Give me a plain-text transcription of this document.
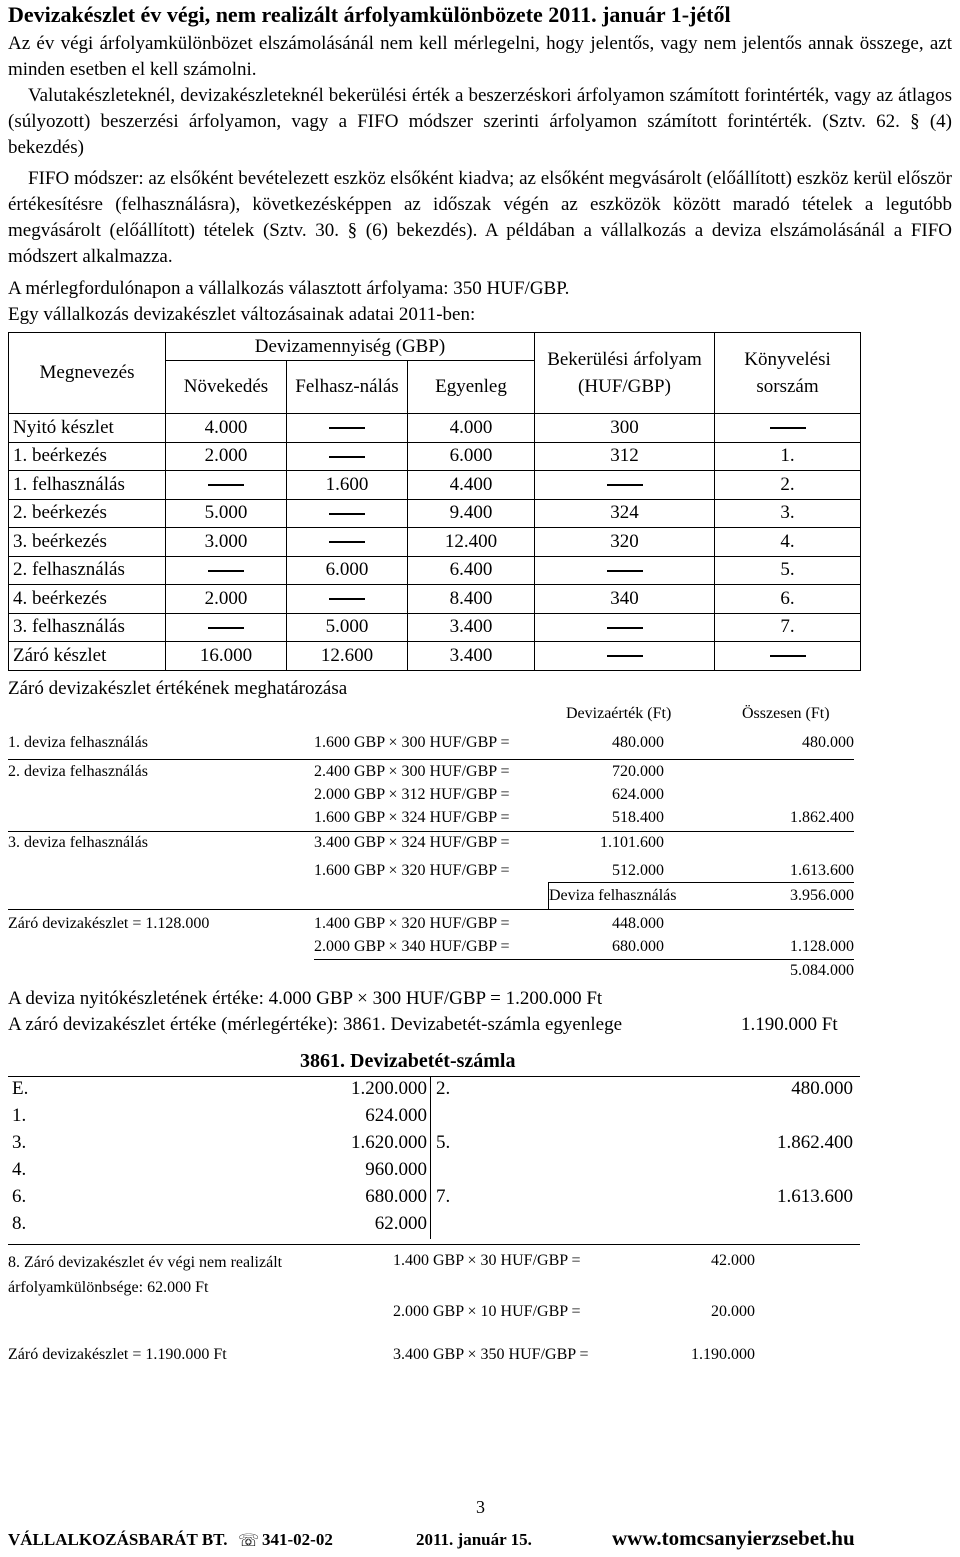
Devizakészlet év végi, nem realizált árfolyamkülönbözete 2011. január 1-jétől
Az év végi árfolyamkülönbözet elszámolásánál nem kell mérlegelni, hogy jelentős, vagy nem jelentős annak összege, azt minden esetben el kell számolni.
Valutakészleteknél, devizakészleteknél bekerülési érték a beszerzéskori árfolyamon számított forintérték, vagy az átlagos (súlyozott) beszerzési árfolyamon, vagy a FIFO módszer szerinti árfolyamon számított forintérték. (Sztv. 62. § (4) bekezdés)
FIFO módszer: az elsőként bevételezett eszköz elsőként kiadva; az elsőként megvásárolt (előállított) eszköz kerül először értékesítésre (felhasználásra), következésképpen az időszak végén az eszközök között maradó tételek a legutóbb megvásárolt (előállított) tételek (Sztv. 30. § (6) bekezdés). A példában a vállalkozás a deviza elszámolásánál a FIFO módszert alkalmazza.
A mérlegfordulónapon a vállalkozás választott árfolyama: 350 HUF/GBP.
Egy vállalkozás devizakészlet változásainak adatai 2011-ben:
Megnevezés	Devizamennyiség (GBP)			Bekerülési árfolyam (HUF/GBP)	Könyvelési sorszám
	Növekedés	Felhasz-nálás	Egyenleg		
Nyitó készlet	4.000		4.000	300	
1. beérkezés	2.000		6.000	312	1.
1. felhasználás		1.600	4.400		2.
2. beérkezés	5.000		9.400	324	3.
3. beérkezés	3.000		12.400	320	4.
2. felhasználás		6.000	6.400		5.
4. beérkezés	2.000		8.400	340	6.
3. felhasználás		5.000	3.400		7.
Záró készlet	16.000	12.600	3.400		
Záró devizakészlet értékének meghatározása
Devizaérték (Ft)	Összesen (Ft)
1. deviza felhasználás	1.600 GBP × 300 HUF/GBP =	480.000	480.000
2. deviza felhasználás	2.400 GBP × 300 HUF/GBP =	720.000
2.000 GBP × 312 HUF/GBP =	624.000
1.600 GBP × 324 HUF/GBP =	518.400	1.862.400
3. deviza felhasználás	3.400 GBP × 324 HUF/GBP =	1.101.600
1.600 GBP × 320 HUF/GBP =	512.000	1.613.600
Deviza felhasználás	3.956.000
Záró devizakészlet = 1.128.000	1.400 GBP × 320 HUF/GBP =	448.000
2.000 GBP × 340 HUF/GBP =	680.000	1.128.000
5.084.000
A deviza nyitókészletének értéke: 4.000 GBP × 300 HUF/GBP = 1.200.000 Ft
A záró devizakészlet értéke (mérlegértéke): 3861. Devizabetét-számla egyenlege	1.190.000 Ft
3861. Devizabetét-számla
E.	1.200.000 2.	480.000
1.	624.000
3.	1.620.000 5.	1.862.400
4.	960.000
6.	680.000 7.	1.613.600
8.	62.000
8. Záró devizakészlet év végi nem realizált
árfolyamkülönbsége: 62.000 Ft
1.400 GBP × 30 HUF/GBP =	42.000
2.000 GBP × 10 HUF/GBP =	20.000
Záró devizakészlet = 1.190.000 Ft	3.400 GBP × 350 HUF/GBP =	1.190.000
3
VÁLLALKOZÁSBARÁT BT. ☏ 341-02-02	2011. január 15.	www.tomcsanyierzsebet.hu
